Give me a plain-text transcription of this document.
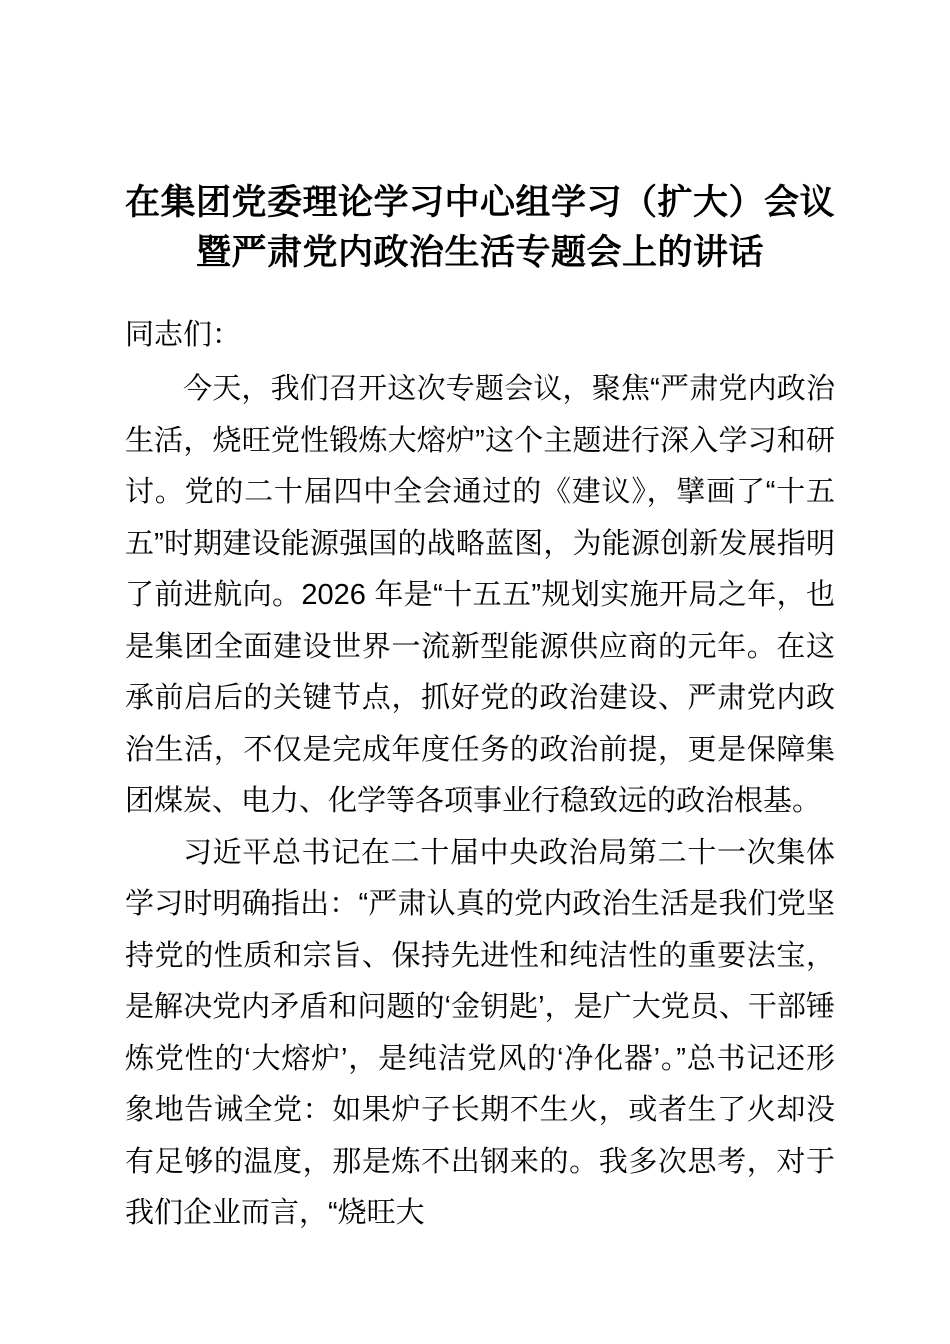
在集团党委理论学习中心组学习（扩大）会议
暨严肃党内政治生活专题会上的讲话

同志们：

今天，我们召开这次专题会议，聚焦“严肃党内政治生活，烧旺党性锻炼大熔炉”这个主题进行深入学习和研讨。党的二十届四中全会通过的《建议》，擘画了“十五五”时期建设能源强国的战略蓝图，为能源创新发展指明了前进航向。2026 年是“十五五”规划实施开局之年，也是集团全面建设世界一流新型能源供应商的元年。在这承前启后的关键节点，抓好党的政治建设、严肃党内政治生活，不仅是完成年度任务的政治前提，更是保障集团煤炭、电力、化学等各项事业行稳致远的政治根基。

习近平总书记在二十届中央政治局第二十一次集体学习时明确指出：“严肃认真的党内政治生活是我们党坚持党的性质和宗旨、保持先进性和纯洁性的重要法宝，是解决党内矛盾和问题的‘金钥匙’，是广大党员、干部锤炼党性的‘大熔炉’，是纯洁党风的‘净化器’。”总书记还形象地告诫全党：如果炉子长期不生火，或者生了火却没有足够的温度，那是炼不出钢来的。我多次思考，对于我们企业而言，“烧旺大
